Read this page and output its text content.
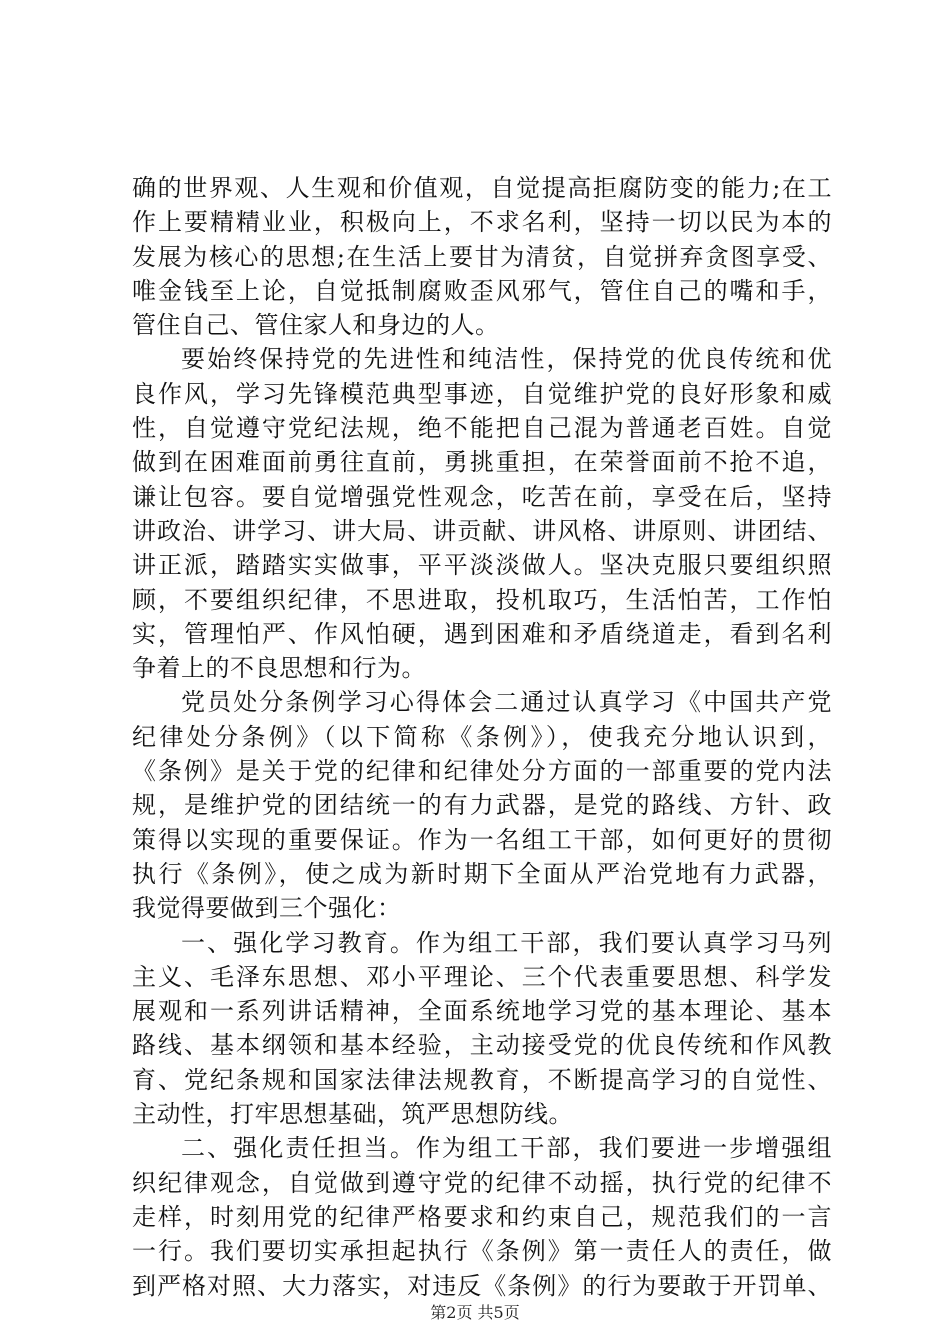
确的世界观、人生观和价值观，自觉提高拒腐防变的能力;在工
作上要精精业业，积极向上，不求名利，坚持一切以民为本的
发展为核心的思想;在生活上要甘为清贫，自觉拼弃贪图享受、
唯金钱至上论，自觉抵制腐败歪风邪气，管住自己的嘴和手，
管住自己、管住家人和身边的人。
要始终保持党的先进性和纯洁性，保持党的优良传统和优
良作风，学习先锋模范典型事迹，自觉维护党的良好形象和威
性，自觉遵守党纪法规，绝不能把自己混为普通老百姓。自觉
做到在困难面前勇往直前，勇挑重担，在荣誉面前不抢不追，
谦让包容。要自觉增强党性观念，吃苦在前，享受在后，坚持
讲政治、讲学习、讲大局、讲贡献、讲风格、讲原则、讲团结、
讲正派，踏踏实实做事，平平淡淡做人。坚决克服只要组织照
顾，不要组织纪律，不思进取，投机取巧，生活怕苦，工作怕
实，管理怕严、作风怕硬，遇到困难和矛盾绕道走，看到名利
争着上的不良思想和行为。
党员处分条例学习心得体会二通过认真学习《中国共产党
纪律处分条例》（以下简称《条例》），使我充分地认识到，
《条例》是关于党的纪律和纪律处分方面的一部重要的党内法
规，是维护党的团结统一的有力武器，是党的路线、方针、政
策得以实现的重要保证。作为一名组工干部，如何更好的贯彻
执行《条例》，使之成为新时期下全面从严治党地有力武器，
我觉得要做到三个强化：
一、强化学习教育。作为组工干部，我们要认真学习马列
主义、毛泽东思想、邓小平理论、三个代表重要思想、科学发
展观和一系列讲话精神，全面系统地学习党的基本理论、基本
路线、基本纲领和基本经验，主动接受党的优良传统和作风教
育、党纪条规和国家法律法规教育，不断提高学习的自觉性、
主动性，打牢思想基础，筑严思想防线。
二、强化责任担当。作为组工干部，我们要进一步增强组
织纪律观念，自觉做到遵守党的纪律不动摇，执行党的纪律不
走样，时刻用党的纪律严格要求和约束自己，规范我们的一言
一行。我们要切实承担起执行《条例》第一责任人的责任，做
到严格对照、大力落实，对违反《条例》的行为要敢于开罚单、
第2页 共5页
